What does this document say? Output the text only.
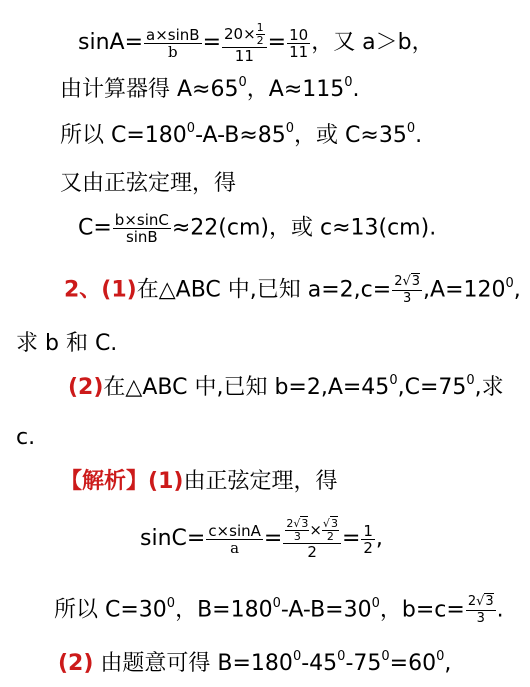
$\sin A= \frac{a\times\sin B}{b} = \frac{20\times \frac{1}{2}}{11} = \frac{10}{11}$ ，又 a＞b，
由计算器得 $A\approx 65^0$，$A\approx 115^0$.
所以 $C=180^0-A-B\approx 85^0$，或 $C\approx 35^0$.
又由正弦定理，得
$C= \frac{b\times\sin C}{\sin B} \approx 22(cm)$，或 c≈13(cm).
2、(1)在△ABC 中,已知 $a=2,c= \frac{2√3}{3} ,A=120^0$,
求 b 和 C.
(2)在△ABC 中,已知 $b=2,A=45^0,C=75^0$,求
c.
【解析】(1)由正弦定理，得
$\sin C= \frac{c\times\sin A}{a} = \frac{\frac{2√3}{3} \times \frac{√3}{2}}{2} = \frac{1}{2}$ ,
所以 $C=30^0$，$B=180^0-A-B=30^0$，$b=c= \frac{2√3}{3}$ .
(2) 由题意可得 $B=180^0-45^0-75^0=60^0$,
